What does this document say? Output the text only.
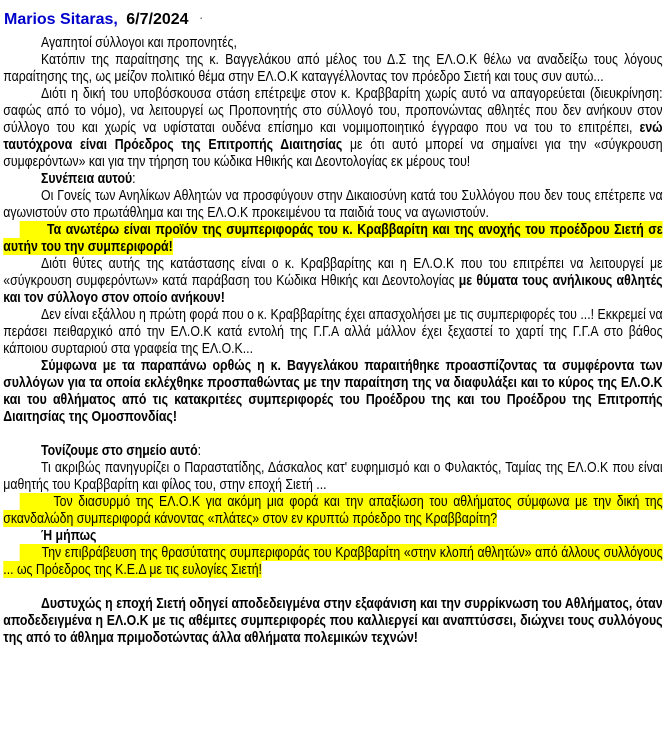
Marios Sitaras, 6/7/2024 ·

Αγαπητοί σύλλογοι και προπονητές,

Κατόπιν της παραίτησης της κ. Βαγγελάκου από μέλος του Δ.Σ της ΕΛ.Ο.Κ θέλω να αναδείξω τους λόγους παραίτησης της, ως μείζον πολιτικό θέμα στην ΕΛ.Ο.Κ καταγγέλλοντας τον πρόεδρο Σιετή και τους συν αυτώ...

Διότι η δική του υποβόσκουσα στάση επέτρεψε στον κ. Κραββαρίτη χωρίς αυτό να απαγορεύεται (διευκρίνηση: σαφώς από το νόμο), να λειτουργεί ως Προπονητής στο σύλλογό του, προπονώντας αθλητές που δεν ανήκουν στον σύλλογο του και χωρίς να υφίσταται ουδένα επίσημο και νομιμοποιητικό έγγραφο που να του το επιτρέπει, ενώ ταυτόχρονα είναι Πρόεδρος της Επιτροπής Διαιτησίας με ότι αυτό μπορεί να σημαίνει για την «σύγκρουση συμφερόντων» και για την τήρηση του κώδικα Ηθικής και Δεοντολογίας εκ μέρους του!

Συνέπεια αυτού:

Οι Γονείς των Ανηλίκων Αθλητών να προσφύγουν στην Δικαιοσύνη κατά του Συλλόγου που δεν τους επέτρεπε να αγωνιστούν στο πρωτάθλημα και της ΕΛ.Ο.Κ προκειμένου τα παιδιά τους να αγωνιστούν.

Τα ανωτέρω είναι προϊόν της συμπεριφοράς του κ. Κραββαρίτη και της ανοχής του προέδρου Σιετή σε αυτήν του την συμπεριφορά!

Διότι θύτες αυτής της κατάστασης είναι ο κ. Κραββαρίτης και η ΕΛ.Ο.Κ που του επιτρέπει να λειτουργεί με «σύγκρουση συμφερόντων» κατά παράβαση του Κώδικα Ηθικής και Δεοντολογίας με θύματα τους ανήλικους αθλητές και τον σύλλογο στον οποίο ανήκουν!

Δεν είναι εξάλλου η πρώτη φορά που ο κ. Κραββαρίτης έχει απασχολήσει με τις συμπεριφορές του ...! Εκκρεμεί να περάσει πειθαρχικό από την ΕΛ.Ο.Κ κατά εντολή της Γ.Γ.Α αλλά μάλλον έχει ξεχαστεί το χαρτί της Γ.Γ.Α στο βάθος κάποιου συρταριού στα γραφεία της ΕΛ.Ο.Κ...

Σύμφωνα με τα παραπάνω ορθώς η κ. Βαγγελάκου παραιτήθηκε προασπίζοντας τα συμφέροντα των συλλόγων για τα οποία εκλέχθηκε προσπαθώντας με την παραίτηση της να διαφυλάξει και το κύρος της ΕΛ.Ο.Κ και του αθλήματος από τις κατακριτέες συμπεριφορές του Προέδρου της και του Προέδρου της Επιτροπής Διαιτησίας της Ομοσπονδίας!

Τονίζουμε στο σημείο αυτό:

Τι ακριβώς πανηγυρίζει ο Παραστατίδης, Δάσκαλος κατ' ευφημισμό και ο Φυλακτός, Ταμίας της ΕΛ.Ο.Κ που είναι μαθητής του Κραββαρίτη και φίλος του, στην εποχή Σιετή ...

Τον διασυρμό της ΕΛ.Ο.Κ για ακόμη μια φορά και την απαξίωση του αθλήματος σύμφωνα με την δική της σκανδαλώδη συμπεριφορά κάνοντας «πλάτες» στον εν κρυπτώ πρόεδρο της Κραββαρίτη?

Ή μήπως

Την επιβράβευση της θρασύτατης συμπεριφοράς του Κραββαρίτη «στην κλοπή αθλητών» από άλλους συλλόγους ... ως Πρόεδρος της Κ.Ε.Δ με τις ευλογίες Σιετή!

Δυστυχώς η εποχή Σιετή οδηγεί αποδεδειγμένα στην εξαφάνιση και την συρρίκνωση του Αθλήματος, όταν αποδεδειγμένα η ΕΛ.Ο.Κ με τις αθέμιτες συμπεριφορές που καλλιεργεί και αναπτύσσει, διώχνει τους συλλόγους της από το άθλημα πριμοδοτώντας άλλα αθλήματα πολεμικών τεχνών!
